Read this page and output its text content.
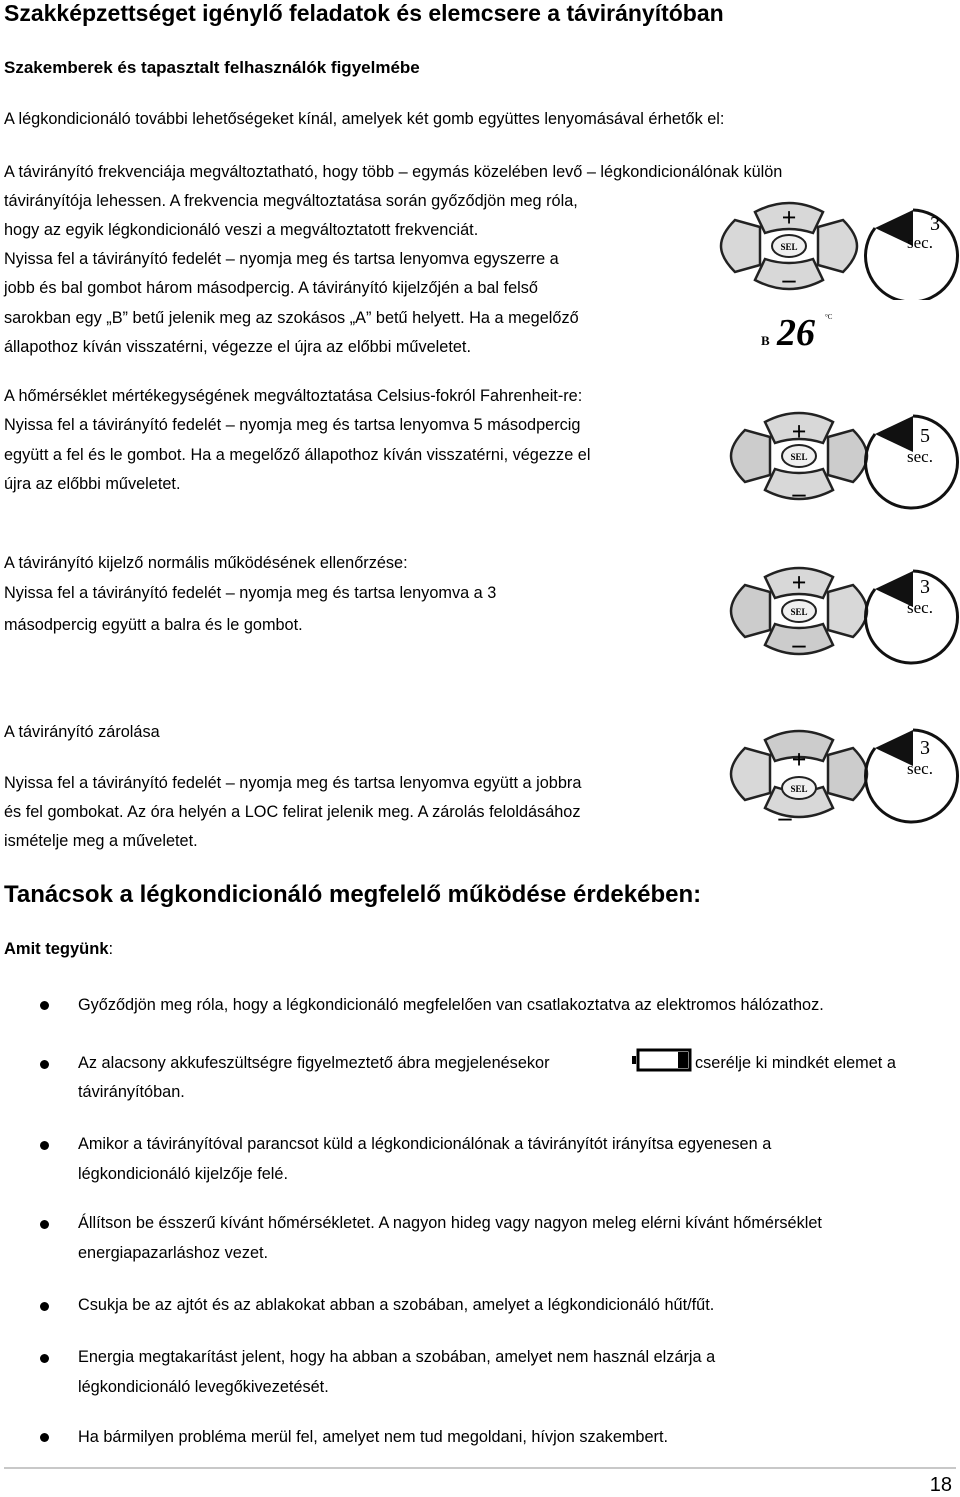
Szakképzettséget igénylő feladatok és elemcsere a távirányítóban
Szakemberek és tapasztalt felhasználók figyelmébe
A légkondicionáló további lehetőségeket kínál, amelyek két gomb együttes lenyomásával érhetők el:
A távirányító frekvenciája megváltoztatható, hogy több – egymás közelében levő – légkondicionálónak külön
távirányítója lehessen. A frekvencia megváltoztatása során győződjön meg róla,
hogy az egyik légkondicionáló veszi a megváltoztatott frekvenciát.
Nyissa fel a távirányító fedelét – nyomja meg és tartsa lenyomva egyszerre a
jobb és bal gombot három másodpercig. A távirányító kijelzőjén a bal felső
sarokban egy „B” betű jelenik meg az szokásos „A” betű helyett. Ha a megelőző
állapothoz kíván visszatérni, végezze el újra az előbbi műveletet.
+
SEL
–
3
sec.
B 26 °C
A hőmérséklet mértékegységének megváltoztatása Celsius-fokról Fahrenheit-re:
Nyissa fel a távirányító fedelét – nyomja meg és tartsa lenyomva 5 másodpercig
együtt a fel és le gombot. Ha a megelőző állapothoz kíván visszatérni, végezze el
újra az előbbi műveletet.
+
SEL
–
5
sec.
A távirányító kijelző normális működésének ellenőrzése:
Nyissa fel a távirányító fedelét – nyomja meg és tartsa lenyomva a 3
másodpercig együtt a balra és le gombot.
+
SEL
–
3
sec.
A távirányító zárolása
Nyissa fel a távirányító fedelét – nyomja meg és tartsa lenyomva együtt a jobbra
és fel gombokat. Az óra helyén a LOC felirat jelenik meg. A zárolás feloldásához
ismételje meg a műveletet.
+
SEL
–
3
sec.
Tanácsok a légkondicionáló megfelelő működése érdekében:
Amit tegyünk:
Győződjön meg róla, hogy a légkondicionáló megfelelően van csatlakoztatva az elektromos hálózathoz.
Az alacsony akkufeszültségre figyelmeztető ábra megjelenésekor	cserélje ki mindkét elemet a
távirányítóban.
Amikor a távirányítóval parancsot küld a légkondicionálónak a távirányítót irányítsa egyenesen a
légkondicionáló kijelzője felé.
Állítson be ésszerű kívánt hőmérsékletet. A nagyon hideg vagy nagyon meleg elérni kívánt hőmérséklet
energiapazarláshoz vezet.
Csukja be az ajtót és az ablakokat abban a szobában, amelyet a légkondicionáló hűt/fűt.
Energia megtakarítást jelent, hogy ha abban a szobában, amelyet nem használ elzárja a
légkondicionáló levegőkivezetését.
Ha bármilyen probléma merül fel, amelyet nem tud megoldani, hívjon szakembert.
18
